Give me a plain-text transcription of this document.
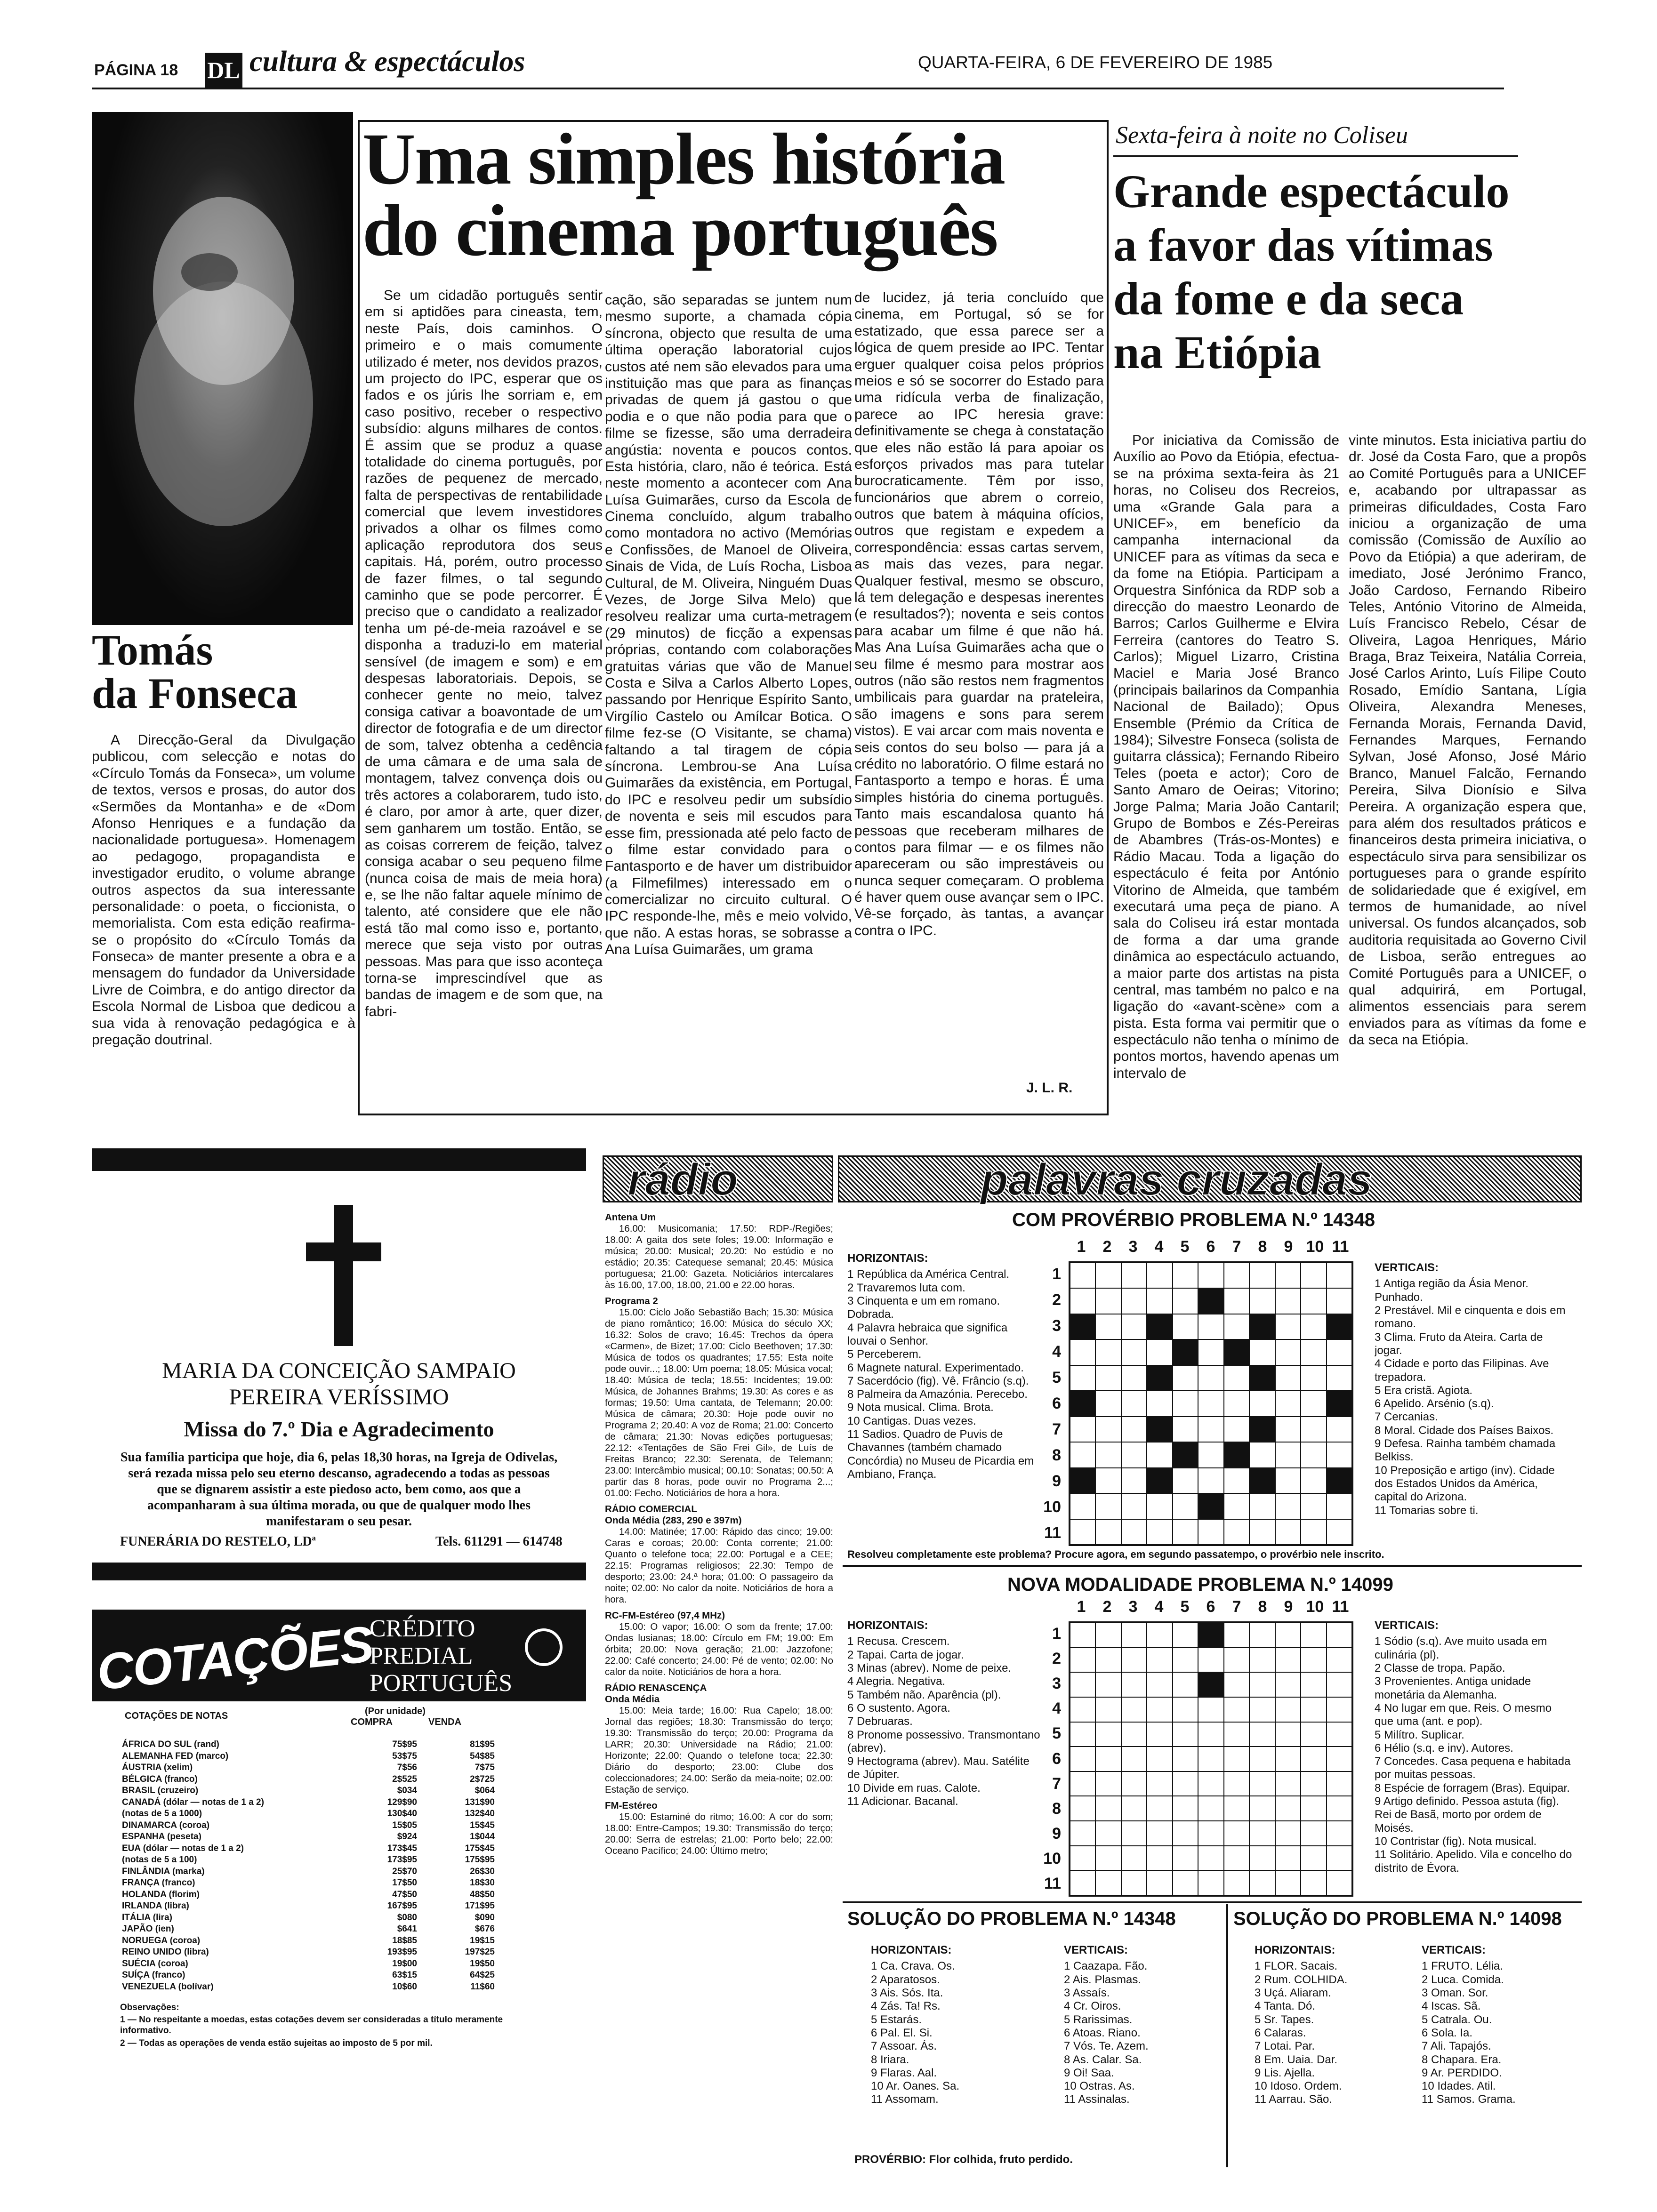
PÁGINA 18 DL cultura & espectáculos	QUARTA-FEIRA, 6 DE FEVEREIRO DE 1985
Tomás
da Fonseca
A Direcção-Geral da Divulgação publicou, com selecção e notas do «Círculo Tomás da Fonseca», um volume de textos, versos e prosas, do autor dos «Sermões da Montanha» e de «Dom Afonso Henriques e a fundação da nacionalidade portuguesa». Homenagem ao pedagogo, propagandista e investigador erudito, o volume abrange outros aspectos da sua interessante personalidade: o poeta, o ficcionista, o memorialista. Com esta edição reafirma-se o propósito do «Círculo Tomás da Fonseca» de manter presente a obra e a mensagem do fundador da Universidade Livre de Coimbra, e do antigo director da Escola Normal de Lisboa que dedicou a sua vida à renovação pedagógica e à pregação doutrinal.
Uma simples história
do cinema português
Se um cidadão português sentir em si aptidões para cineasta, tem, neste País, dois caminhos. O primeiro e o mais comumente utilizado é meter, nos devidos prazos, um projecto do IPC, esperar que os fados e os júris lhe sorriam e, em caso positivo, receber o respectivo subsídio: alguns milhares de contos. É assim que se produz a quase totalidade do cinema português, por razões de pequenez de mercado, falta de perspectivas de rentabilidade comercial que levem investidores privados a olhar os filmes como aplicação reprodutora dos seus capitais. Há, porém, outro processo de fazer filmes, o tal segundo caminho que se pode percorrer. É preciso que o candidato a realizador tenha um pé-de-meia razoável e se disponha a traduzi-lo em material sensível (de imagem e som) e em despesas laboratoriais. Depois, se conhecer gente no meio, talvez consiga cativar a boavontade de um director de fotografia e de um director de som, talvez obtenha a cedência de uma câmara e de uma sala de montagem, talvez convença dois ou três actores a colaborarem, tudo isto, é claro, por amor à arte, quer dizer, sem ganharem um tostão. Então, se as coisas correrem de feição, talvez consiga acabar o seu pequeno filme (nunca coisa de mais de meia hora) e, se lhe não faltar aquele mínimo de talento, até considere que ele não está tão mal como isso e, portanto, merece que seja visto por outras pessoas. Mas para que isso aconteça torna-se imprescindível que as bandas de imagem e de som que, na fabri-
cação, são separadas se juntem num mesmo suporte, a chamada cópia síncrona, objecto que resulta de uma última operação laboratorial cujos custos até nem são elevados para uma instituição mas que para as finanças privadas de quem já gastou o que podia e o que não podia para que o filme se fizesse, são uma derradeira angústia: noventa e poucos contos. Esta história, claro, não é teórica. Está neste momento a acontecer com Ana Luísa Guimarães, curso da Escola de Cinema concluído, algum trabalho como montadora no activo (Memórias e Confissões, de Manoel de Oliveira, Sinais de Vida, de Luís Rocha, Lisboa Cultural, de M. Oliveira, Ninguém Duas Vezes, de Jorge Silva Melo) que resolveu realizar uma curta-metragem (29 minutos) de ficção a expensas próprias, contando com colaborações gratuitas várias que vão de Manuel Costa e Silva a Carlos Alberto Lopes, passando por Henrique Espírito Santo, Virgílio Castelo ou Amílcar Botica. O filme fez-se (O Visitante, se chama) faltando a tal tiragem de cópia síncrona. Lembrou-se Ana Luísa Guimarães da existência, em Portugal, do IPC e resolveu pedir um subsídio de noventa e seis mil escudos para esse fim, pressionada até pelo facto de o filme estar convidado para o Fantasporto e de haver um distribuidor (a Filmefilmes) interessado em o comercializar no circuito cultural. O IPC responde-lhe, mês e meio volvido, que não. A estas horas, se sobrasse a Ana Luísa Guimarães, um grama
de lucidez, já teria concluído que cinema, em Portugal, só se for estatizado, que essa parece ser a lógica de quem preside ao IPC. Tentar erguer qualquer coisa pelos próprios meios e só se socorrer do Estado para uma ridícula verba de finalização, parece ao IPC heresia grave: definitivamente se chega à constatação que eles não estão lá para apoiar os esforços privados mas para tutelar burocraticamente. Têm por isso, funcionários que abrem o correio, outros que batem à máquina ofícios, outros que registam e expedem a correspondência: essas cartas servem, as mais das vezes, para negar. Qualquer festival, mesmo se obscuro, lá tem delegação e despesas inerentes (e resultados?); noventa e seis contos para acabar um filme é que não há. Mas Ana Luísa Guimarães acha que o seu filme é mesmo para mostrar aos outros (não são restos nem fragmentos umbilicais para guardar na prateleira, são imagens e sons para serem vistos). E vai arcar com mais noventa e seis contos do seu bolso — para já a crédito no laboratório. O filme estará no Fantasporto a tempo e horas. É uma simples história do cinema português. Tanto mais escandalosa quanto há pessoas que receberam milhares de contos para filmar — e os filmes não apareceram ou são imprestáveis ou nunca sequer começaram. O problema é haver quem ouse avançar sem o IPC. Vê-se forçado, às tantas, a avançar contra o IPC.
J. L. R.
Sexta-feira à noite no Coliseu
Grande espectáculo
a favor das vítimas
da fome e da seca
na Etiópia
Por iniciativa da Comissão de Auxílio ao Povo da Etiópia, efectua-se na próxima sexta-feira às 21 horas, no Coliseu dos Recreios, uma «Grande Gala para a UNICEF», em benefício da campanha internacional da UNICEF para as vítimas da seca e da fome na Etiópia. Participam a Orquestra Sinfónica da RDP sob a direcção do maestro Leonardo de Barros; Carlos Guilherme e Elvira Ferreira (cantores do Teatro S. Carlos); Miguel Lizarro, Cristina Maciel e Maria José Branco (principais bailarinos da Companhia Nacional de Bailado); Opus Ensemble (Prémio da Crítica de 1984); Silvestre Fonseca (solista de guitarra clássica); Fernando Ribeiro Teles (poeta e actor); Coro de Santo Amaro de Oeiras; Vitorino; Jorge Palma; Maria João Cantaril; Grupo de Bombos e Zés-Pereiras de Abambres (Trás-os-Montes) e Rádio Macau. Toda a ligação do espectáculo é feita por António Vitorino de Almeida, que também executará uma peça de piano. A sala do Coliseu irá estar montada de forma a dar uma grande dinâmica ao espectáculo actuando, a maior parte dos artistas na pista central, mas também no palco e na ligação do «avant-scène» com a pista. Esta forma vai permitir que o espectáculo não tenha o mínimo de pontos mortos, havendo apenas um intervalo de
vinte minutos. Esta iniciativa partiu do dr. José da Costa Faro, que a propôs ao Comité Português para a UNICEF e, acabando por ultrapassar as primeiras dificuldades, Costa Faro iniciou a organização de uma comissão (Comissão de Auxílio ao Povo da Etiópia) a que aderiram, de imediato, José Jerónimo Franco, João Cardoso, Fernando Ribeiro Teles, António Vitorino de Almeida, Luís Francisco Rebelo, César de Oliveira, Lagoa Henriques, Mário Braga, Braz Teixeira, Natália Correia, José Carlos Arinto, Luís Filipe Couto Rosado, Emídio Santana, Lígia Oliveira, Alexandra Meneses, Fernanda Morais, Fernanda David, Fernandes Marques, Fernando Sylvan, José Afonso, José Mário Branco, Manuel Falcão, Fernando Pereira, Silva Dionísio e Silva Pereira. A organização espera que, para além dos resultados práticos e financeiros desta primeira iniciativa, o espectáculo sirva para sensibilizar os portugueses para o grande espírito de solidariedade que é exigível, em termos de humanidade, ao nível universal. Os fundos alcançados, sob auditoria requisitada ao Governo Civil de Lisboa, serão entregues ao Comité Português para a UNICEF, o qual adquirirá, em Portugal, alimentos essenciais para serem enviados para as vítimas da fome e da seca na Etiópia.
MARIA DA CONCEIÇÃO SAMPAIO
PEREIRA VERÍSSIMO
Missa do 7.º Dia e Agradecimento
Sua família participa que hoje, dia 6, pelas 18,30 horas, na Igreja de Odivelas, será rezada missa pelo seu eterno descanso, agradecendo a todas as pessoas que se dignarem assistir a este piedoso acto, bem como, aos que a acompanharam à sua última morada, ou que de qualquer modo lhes manifestaram o seu pesar.
FUNERÁRIA DO RESTELO, LDª	Tels. 611291 — 614748
COTAÇÕES
CRÉDITO
PREDIAL
PORTUGUÊS
COTAÇÕES DE NOTAS	(Por unidade)
COMPRA	VENDA
ÁFRICA DO SUL (rand)	75$95	81$95
ALEMANHA FED (marco)	53$75	54$85
ÁUSTRIA (xelim)	7$56	7$75
BÉLGICA (franco)	2$525	2$725
BRASIL (cruzeiro)	$034	$064
CANADÁ (dólar — notas de 1 a 2)	129$90	131$90
(notas de 5 a 1000)	130$40	132$40
DINAMARCA (coroa)	15$05	15$45
ESPANHA (peseta)	$924	1$044
EUA (dólar — notas de 1 a 2)	173$45	175$45
(notas de 5 a 100)	173$95	175$95
FINLÂNDIA (marka)	25$70	26$30
FRANÇA (franco)	17$50	18$30
HOLANDA (florim)	47$50	48$50
IRLANDA (libra)	167$95	171$95
ITÁLIA (lira)	$080	$090
JAPÃO (ien)	$641	$676
NORUEGA (coroa)	18$85	19$15
REINO UNIDO (libra)	193$95	197$25
SUÉCIA (coroa)	19$00	19$50
SUÍÇA (franco)	63$15	64$25
VENEZUELA (bolívar)	10$60	11$60
Observações:
1 — No respeitante a moedas, estas cotações devem ser consideradas a título meramente informativo.
2 — Todas as operações de venda estão sujeitas ao imposto de 5 por mil.
rádio
Antena Um
16.00: Musicomania; 17.50: RDP-/Regiões; 18.00: A gaita dos sete foles; 19.00: Informação e música; 20.00: Musical; 20.20: No estúdio e no estádio; 20.35: Catequese semanal; 20.45: Música portuguesa; 21.00: Gazeta. Noticiários intercalares às 16.00, 17.00, 18.00, 21.00 e 22.00 horas.
Programa 2
15.00: Ciclo João Sebastião Bach; 15.30: Música de piano romântico; 16.00: Música do século XX; 16.32: Solos de cravo; 16.45: Trechos da ópera «Carmen», de Bizet; 17.00: Ciclo Beethoven; 17.30: Música de todos os quadrantes; 17.55: Esta noite pode ouvir...; 18.00: Um poema; 18.05: Música vocal; 18.40: Música de tecla; 18.55: Incidentes; 19.00: Música, de Johannes Brahms; 19.30: As cores e as formas; 19.50: Uma cantata, de Telemann; 20.00: Música de câmara; 20.30: Hoje pode ouvir no Programa 2; 20.40: A voz de Roma; 21.00: Concerto de câmara; 21.30: Novas edições portuguesas; 22.12: «Tentações de São Frei Gil», de Luís de Freitas Branco; 22.30: Serenata, de Telemann; 23.00: Intercâmbio musical; 00.10: Sonatas; 00.50: A partir das 8 horas, pode ouvir no Programa 2...; 01.00: Fecho. Noticiários de hora a hora.
RÁDIO COMERCIAL
Onda Média (283, 290 e 397m)
14.00: Matinée; 17.00: Rápido das cinco; 19.00: Caras e coroas; 20.00: Conta corrente; 21.00: Quanto o telefone toca; 22.00: Portugal e a CEE; 22.15: Programas religiosos; 22.30: Tempo de desporto; 23.00: 24.ª hora; 01.00: O passageiro da noite; 02.00: No calor da noite. Noticiários de hora a hora.
RC-FM-Estéreo (97,4 MHz)
15.00: O vapor; 16.00: O som da frente; 17.00: Ondas lusianas; 18.00: Círculo em FM; 19.00: Em órbita; 20.00: Nova geração; 21.00: Jazzofone; 22.00: Café concerto; 24.00: Pé de vento; 02.00: No calor da noite. Noticiários de hora a hora.
RÁDIO RENASCENÇA
Onda Média
15.00: Meia tarde; 16.00: Rua Capelo; 18.00: Jornal das regiões; 18.30: Transmissão do terço; 19.30: Transmissão do terço; 20.00: Programa da LARR; 20.30: Universidade na Rádio; 21.00: Horizonte; 22.00: Quando o telefone toca; 22.30: Diário do desporto; 23.00: Clube dos coleccionadores; 24.00: Serão da meia-noite; 02.00: Estação de serviço.
FM-Estéreo
15.00: Estaminé do ritmo; 16.00: A cor do som; 18.00: Entre-Campos; 19.30: Transmissão do terço; 20.00: Serra de estrelas; 21.00: Porto belo; 22.00: Oceano Pacífico; 24.00: Último metro;
palavras cruzadas
COM PROVÉRBIO PROBLEMA N.º 14348
HORIZONTAIS:
1 República da América Central.
2 Travaremos luta com.
3 Cinquenta e um em romano. Dobrada.
4 Palavra hebraica que significa louvai o Senhor.
5 Perceberem.
6 Magnete natural. Experimentado.
7 Sacerdócio (fig). Vê. Frâncio (s.q).
8 Palmeira da Amazónia. Perecebo.
9 Nota musical. Clima. Brota.
10 Cantigas. Duas vezes.
11 Sadios. Quadro de Puvis de Chavannes (também chamado Concórdia) no Museu de Picardia em Ambiano, França.
1 2 3 4 5 6 7 8 9 10 11
1
2
3
4
5
6
7
8
9
10
11
VERTICAIS:
1 Antiga região da Ásia Menor. Punhado.
2 Prestável. Mil e cinquenta e dois em romano.
3 Clima. Fruto da Ateira. Carta de jogar.
4 Cidade e porto das Filipinas. Ave trepadora.
5 Era cristã. Agiota.
6 Apelido. Arsénio (s.q).
7 Cercanias.
8 Moral. Cidade dos Países Baixos.
9 Defesa. Rainha também chamada Belkiss.
10 Preposição e artigo (inv). Cidade dos Estados Unidos da América, capital do Arizona.
11 Tomarias sobre ti.
Resolveu completamente este problema? Procure agora, em segundo passatempo, o provérbio nele inscrito.
NOVA MODALIDADE PROBLEMA N.º 14099
HORIZONTAIS:
1 Recusa. Crescem.
2 Tapai. Carta de jogar.
3 Minas (abrev). Nome de peixe.
4 Alegria. Negativa.
5 Também não. Aparência (pl).
6 O sustento. Agora.
7 Debruaras.
8 Pronome possessivo. Transmontano (abrev).
9 Hectograma (abrev). Mau. Satélite de Júpiter.
10 Divide em ruas. Calote.
11 Adicionar. Bacanal.
1 2 3 4 5 6 7 8 9 10 11
1
2
3
4
5
6
7
8
9
10
11
VERTICAIS:
1 Sódio (s.q). Ave muito usada em culinária (pl).
2 Classe de tropa. Papão.
3 Provenientes. Antiga unidade monetária da Alemanha.
4 No lugar em que. Reis. O mesmo que uma (ant. e pop).
5 Milítro. Suplicar.
6 Hélio (s.q. e inv). Autores.
7 Concedes. Casa pequena e habitada por muitas pessoas.
8 Espécie de forragem (Bras). Equipar.
9 Artigo definido. Pessoa astuta (fig). Rei de Basã, morto por ordem de Moisés.
10 Contristar (fig). Nota musical.
11 Solitário. Apelido. Vila e concelho do distrito de Évora.
SOLUÇÃO DO PROBLEMA N.º 14348
HORIZONTAIS:
1 Ca. Crava. Os.
2 Aparatosos.
3 Ais. Sós. Ita.
4 Zás. Ta! Rs.
5 Estarás.
6 Pal. El. Si.
7 Assoar. Ás.
8 Iriara.
9 Flaras. Aal.
10 Ar. Oanes. Sa.
11 Assomam.
VERTICAIS:
1 Caazapa. Fão.
2 Ais. Plasmas.
3 Assaís.
4 Cr. Oiros.
5 Rarissimas.
6 Atoas. Riano.
7 Vós. Te. Azem.
8 As. Calar. Sa.
9 Oi! Saa.
10 Ostras. As.
11 Assinalas.
PROVÉRBIO: Flor colhida, fruto perdido.
SOLUÇÃO DO PROBLEMA N.º 14098
HORIZONTAIS:
1 FLOR. Sacais.
2 Rum. COLHIDA.
3 Uçá. Aliaram.
4 Tanta. Dó.
5 Sr. Tapes.
6 Calaras.
7 Lotai. Par.
8 Em. Uaia. Dar.
9 Lis. Ajella.
10 Idoso. Ordem.
11 Aarrau. São.
VERTICAIS:
1 FRUTO. Lélia.
2 Luca. Comida.
3 Oman. Sor.
4 Iscas. Sã.
5 Catrala. Ou.
6 Sola. Ia.
7 Ali. Tapajós.
8 Chapara. Era.
9 Ar. PERDIDO.
10 Idades. Atil.
11 Samos. Grama.
